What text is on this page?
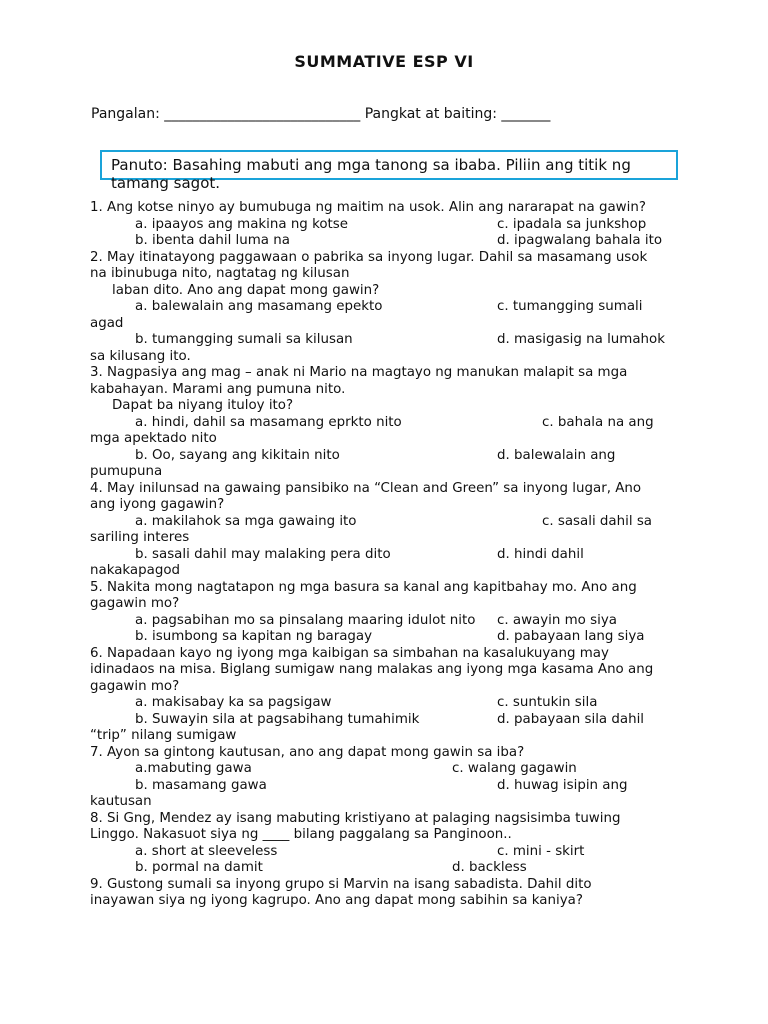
SUMMATIVE ESP VI
Pangalan: ____________________________ Pangkat at baiting: _______
Panuto: Basahing mabuti ang mga tanong sa ibaba. Piliin ang titik ng tamang sagot.
1. Ang kotse ninyo ay bumubuga ng maitim na usok. Alin ang nararapat na gawin?
a. ipaayos ang makina ng kotse	c. ipadala sa junkshop
b. ibenta dahil luma na	d. ipagwalang bahala ito
2. May itinatayong paggawaan o pabrika sa inyong lugar. Dahil sa masamang usok
na ibinubuga nito, nagtatag ng kilusan
laban dito. Ano ang dapat mong gawin?
a. balewalain ang masamang epekto	c. tumangging sumali
agad
b. tumangging sumali sa kilusan	d. masigasig na lumahok
sa kilusang ito.
3. Nagpasiya ang mag – anak ni Mario na magtayo ng manukan malapit sa mga
kabahayan. Marami ang pumuna nito.
Dapat ba niyang ituloy ito?
a. hindi, dahil sa masamang eprkto nito	c. bahala na ang
mga apektado nito
b. Oo, sayang ang kikitain nito	d. balewalain ang
pumupuna
4. May inilunsad na gawaing pansibiko na “Clean and Green” sa inyong lugar, Ano
ang iyong gagawin?
a. makilahok sa mga gawaing ito	c. sasali dahil sa
sariling interes
b. sasali dahil may malaking pera dito	d. hindi dahil
nakakapagod
5. Nakita mong nagtatapon ng mga basura sa kanal ang kapitbahay mo. Ano ang
gagawin mo?
a. pagsabihan mo sa pinsalang maaring idulot nito c. awayin mo siya
b. isumbong sa kapitan ng baragay	d. pabayaan lang siya
6. Napadaan kayo ng iyong mga kaibigan sa simbahan na kasalukuyang may
idinadaos na misa. Biglang sumigaw nang malakas ang iyong mga kasama Ano ang
gagawin mo?
a. makisabay ka sa pagsigaw	c. suntukin sila
b. Suwayin sila at pagsabihang tumahimik	d. pabayaan sila dahil
“trip” nilang sumigaw
7. Ayon sa gintong kautusan, ano ang dapat mong gawin sa iba?
a.mabuting gawa	c. walang gagawin
b. masamang gawa	d. huwag isipin ang
kautusan
8. Si Gng, Mendez ay isang mabuting kristiyano at palaging nagsisimba tuwing
Linggo. Nakasuot siya ng ____ bilang paggalang sa Panginoon..
a. short at sleeveless	c. mini - skirt
b. pormal na damit	d. backless
9. Gustong sumali sa inyong grupo si Marvin na isang sabadista. Dahil dito
inayawan siya ng iyong kagrupo. Ano ang dapat mong sabihin sa kaniya?
